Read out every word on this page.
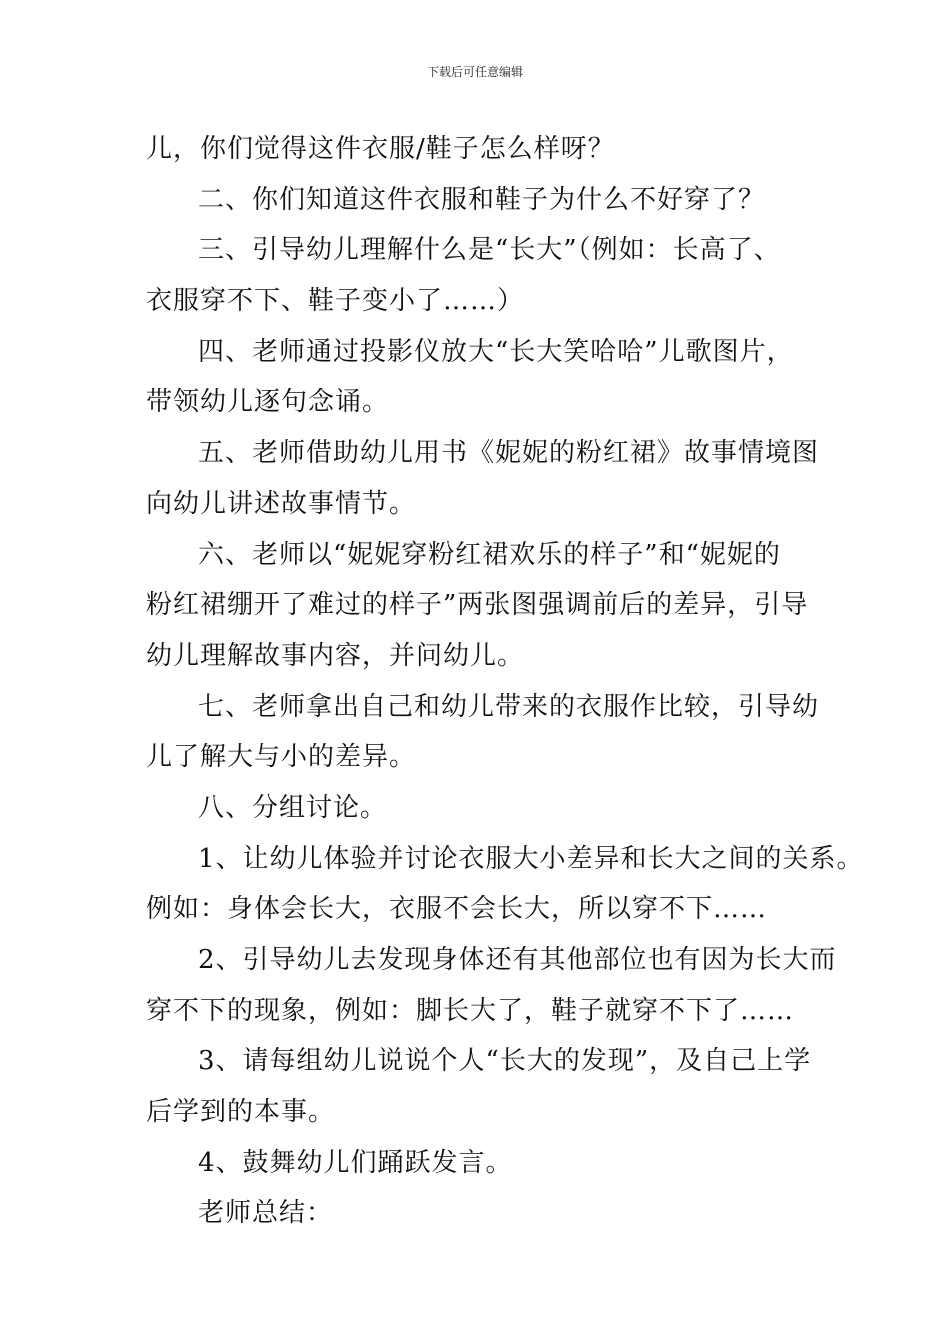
下载后可任意编辑
儿，你们觉得这件衣服/鞋子怎么样呀？
二、你们知道这件衣服和鞋子为什么不好穿了？
三、引导幼儿理解什么是“长大”（例如：长高了、
衣服穿不下、鞋子变小了……）
四、老师通过投影仪放大“长大笑哈哈”儿歌图片，
带领幼儿逐句念诵。
五、老师借助幼儿用书《妮妮的粉红裙》故事情境图
向幼儿讲述故事情节。
六、老师以“妮妮穿粉红裙欢乐的样子”和“妮妮的
粉红裙绷开了难过的样子”两张图强调前后的差异，引导
幼儿理解故事内容，并问幼儿。
七、老师拿出自己和幼儿带来的衣服作比较，引导幼
儿了解大与小的差异。
八、分组讨论。
1、让幼儿体验并讨论衣服大小差异和长大之间的关系。
例如：身体会长大，衣服不会长大，所以穿不下……
2、引导幼儿去发现身体还有其他部位也有因为长大而
穿不下的现象，例如：脚长大了，鞋子就穿不下了……
3、请每组幼儿说说个人“长大的发现”，及自己上学
后学到的本事。
4、鼓舞幼儿们踊跃发言。
老师总结：
